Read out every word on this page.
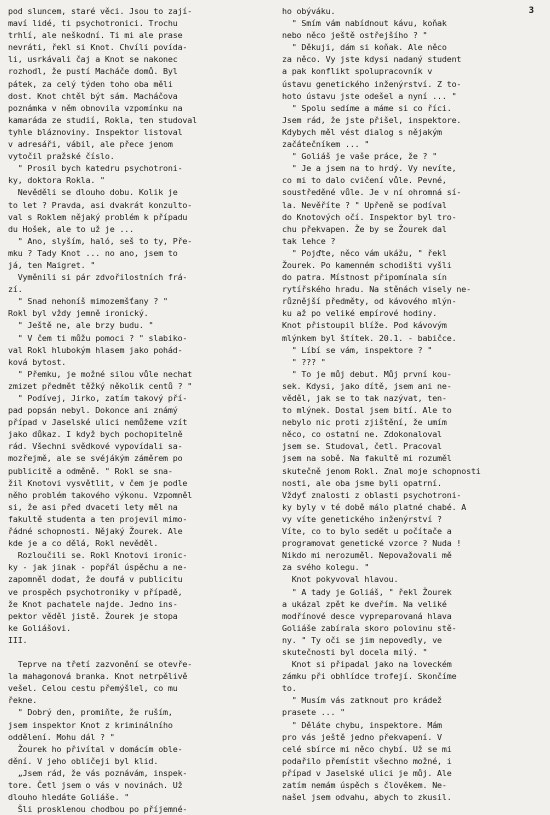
3
pod sluncem, staré věci. Jsou to zají-
maví lidé, ti psychotronici. Trochu
trhlí, ale neškodní. Ti mi ale prase
nevráti, řekl si Knot. Chvíli povída-
li, usrkávali čaj a Knot se nakonec
rozhodl, že pustí Macháče domů. Byl
pátek, za celý týden toho oba měli
dost. Knot chtěl být sám. Macháčova
poznámka v něm obnovila vzpomínku na
kamaráda ze studií, Rokla, ten studoval
tyhle bláznoviny. Inspektor listoval
v adresáři, vábil, ale přece jenom
vytočil pražské číslo.
" Prosil bych katedru psychotroni-
ky, doktora Rokla. "
Nevěděli se dlouho dobu. Kolik je
to let ? Pravda, asi dvakrát konzulto-
val s Roklem nějaký problém k případu
du Hošek, ale to už je ...
" Ano, slyším, haló, seš to ty, Pře-
mku ? Tady Knot ... no ano, jsem to
já, ten Maigret. "
Vyměnili si pár zdvořilostních frá-
zí.
" Snad nehoníš mimozemšťany ? "
Rokl byl vždy jemně ironický.
" Ještě ne, ale brzy budu. "
" V čem ti můžu pomoci ? " slabiko-
val Rokl hlubokým hlasem jako pohád-
ková bytost.
" Přemku, je možné silou vůle nechat
zmizet předmět těžký několik centů ? "
" Podívej, Jirko, zatím takový pří-
pad popsán nebyl. Dokonce ani známý
případ v Jaselské ulici nemůžeme vzít
jako důkaz. I když bych pochopitelně
rád. Všechni svědkové vypovídali sa-
mozřejmě, ale se svéjákým záměrem po
publicitě a odměně. " Rokl se sna-
žil Knotovi vysvětlit, v čem je podle
něho problém takového výkonu. Vzpomněl
si, že asi před dvaceti lety měl na
fakultě studenta a ten projevil mimo-
řádné schopnosti. Nějaký Žourek. Ale
kde je a co dělá, Rokl nevěděl.
Rozloučili se. Rokl Knotovi ironic-
ky - jak jinak - popřál úspěchu a ne-
zapomněl dodat, že doufá v publicitu
ve prospěch psychotroniky v případě,
že Knot pachatele najde. Jedno ins-
pektor věděl jistě. Žourek je stopa
ke Goliášovi.
III.

Teprve na třetí zazvonění se otevře-
la mahagonová branka. Knot netrpělivě
vešel. Celou cestu přemýšlel, co mu
řekne.
" Dobrý den, promiňte, že ruším,
jsem inspektor Knot z kriminálního
oddělení. Mohu dál ? "
Žourek ho přivítal v domácím oble-
dění. V jeho obličeji byl klid.
„Jsem rád, že vás poznávám, inspek-
tore. Četl jsem o vás v novinách. Už
dlouho hledáte Goliáše. "
Šli prosklenou chodbou po příjemné-
ho obýváku.
" Smím vám nabídnout kávu, koňak
nebo něco ještě ostřejšího ? "
" Děkuji, dám si koňak. Ale něco
za něco. Vy jste kdysi nadaný student
a pak konflikt spolupracovník v
ústavu genetického inženýrství. Z to-
hoto ústavu jste odešel a nyní ... "
" Spolu sedíme a máme si co říci.
Jsem rád, že jste přišel, inspektore.
Kdybych měl vést dialog s nějakým
začátečníkem ... "
" Goliáš je vaše práce, že ? "
" Je a jsem na to hrdý. Vy nevíte,
co mi to dalo cvičení vůle. Pevné,
soustředěné vůle. Je v ní ohromná sí-
la. Nevěříte ? " Upřeně se podíval
do Knotových očí. Inspektor byl tro-
chu překvapen. Že by se Žourek dal
tak lehce ?
" Pojďte, něco vám ukážu, " řekl
Žourek. Po kamenném schodišti vyšli
do patra. Místnost připomínala sín
rytířského hradu. Na stěnách visely ne-
různější předměty, od kávového mlýn-
ku až po veliké empírové hodiny.
Knot přistoupil blíže. Pod kávovým
mlýnkem byl štítek. 20.1. - babičce.
" Líbí se vám, inspektore ? "
" ??? "
" To je můj debut. Můj první kou-
sek. Kdysi, jako dítě, jsem ani ne-
věděl, jak se to tak nazývat, ten-
to mlýnek. Dostal jsem bití. Ale to
nebylo nic proti zjištění, že umím
něco, co ostatní ne. Zdokonaloval
jsem se. Studoval, četl. Pracoval
jsem na sobě. Na fakultě mi rozuměl
skutečně jenom Rokl. Znal moje schopnosti
nosti, ale oba jsme byli opatrní.
Vždyť znalosti z oblasti psychotroni-
ky byly v té době málo platné chabé. A
vy víte genetického inženýrství ?
Víte, co to bylo sedět u počítače a
programovat genetické vzorce ? Nuda !
Nikdo mi nerozuměl. Nepovažovali mě
za svého kolegu. "
Knot pokyvoval hlavou.
" A tady je Goliáš, " řekl Žourek
a ukázal zpět ke dveřím. Na veliké
modřínové desce vypreparovaná hlava
Goliáše zabírala skoro polovinu stě-
ny. " Ty oči se jim nepovedly, ve
skutečnosti byl docela milý. "
Knot si připadal jako na loveckém
zámku při obhlídce trofejí. Skončíme
to.
" Musím vás zatknout pro krádež
prasete ... "
" Děláte chybu, inspektore. Mám
pro vás ještě jedno překvapení. V
celé sbírce mi něco chybí. Už se mi
podařilo přemístit všechno možné, i
případ v Jaselské ulici je můj. Ale
zatím nemám úspěch s člověkem. Ne-
našel jsem odvahu, abych to zkusil.
